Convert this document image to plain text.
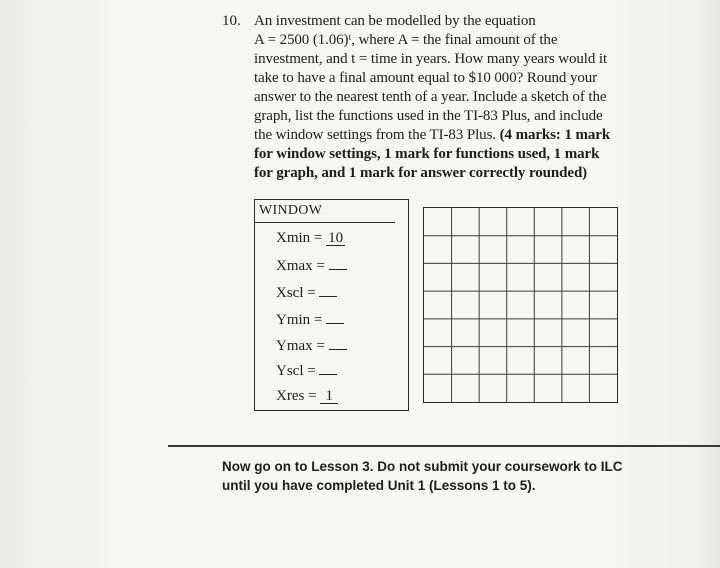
10. An investment can be modelled by the equation
A = 2500 (1.06)ᵗ, where A = the final amount of the
investment, and t = time in years. How many years would it
take to have a final amount equal to $10 000? Round your
answer to the nearest tenth of a year. Include a sketch of the
graph, list the functions used in the TI-83 Plus, and include
the window settings from the TI-83 Plus. (4 marks: 1 mark
for window settings, 1 mark for functions used, 1 mark
for graph, and 1 mark for answer correctly rounded)
WINDOW
Xmin = 10
Xmax =
Xscl =
Ymin =
Ymax =
Yscl =
Xres = 1
Now go on to Lesson 3. Do not submit your coursework to ILC
until you have completed Unit 1 (Lessons 1 to 5).
